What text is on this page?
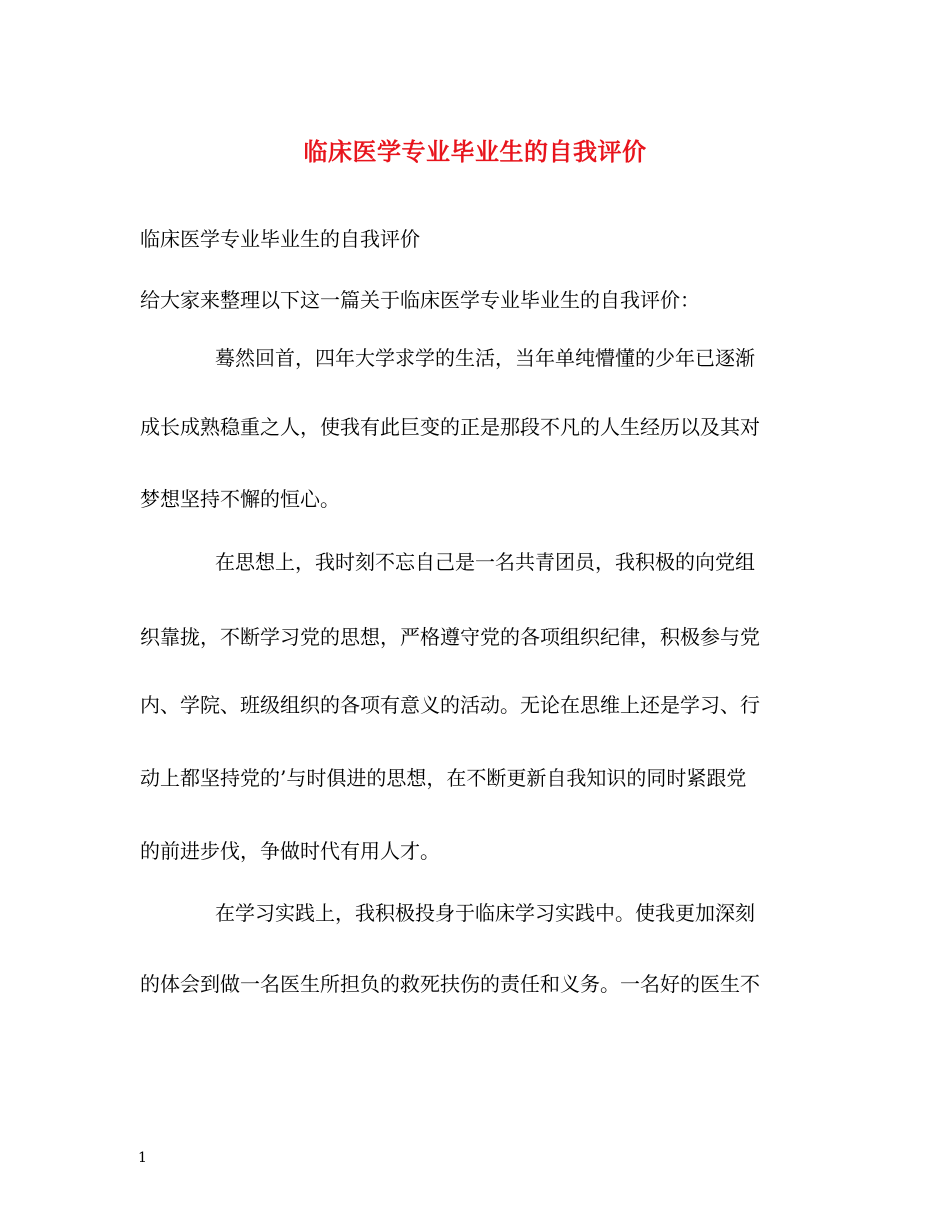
临床医学专业毕业生的自我评价
临床医学专业毕业生的自我评价
给大家来整理以下这一篇关于临床医学专业毕业生的自我评价：
蓦然回首，四年大学求学的生活，当年单纯懵懂的少年已逐渐
成长成熟稳重之人，使我有此巨变的正是那段不凡的人生经历以及其对
梦想坚持不懈的恒心。
在思想上，我时刻不忘自己是一名共青团员，我积极的向党组
织靠拢，不断学习党的思想，严格遵守党的各项组织纪律，积极参与党
内、学院、班级组织的各项有意义的活动。无论在思维上还是学习、行
动上都坚持党的’与时俱进的思想，在不断更新自我知识的同时紧跟党
的前进步伐，争做时代有用人才。
在学习实践上，我积极投身于临床学习实践中。使我更加深刻
的体会到做一名医生所担负的救死扶伤的责任和义务。一名好的医生不
1
